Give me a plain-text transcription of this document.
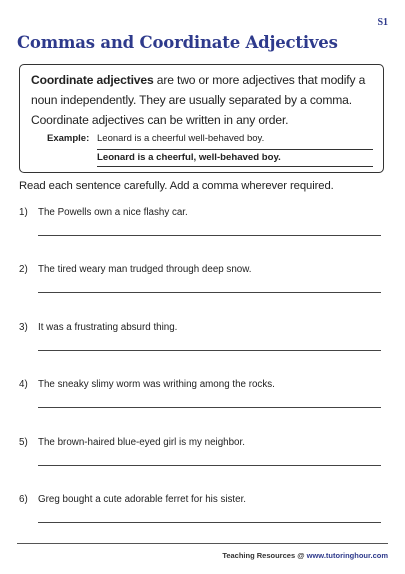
S1
Commas and Coordinate Adjectives

Coordinate adjectives are two or more adjectives that modify a noun independently. They are usually separated by a comma. Coordinate adjectives can be written in any order.

Example: Leonard is a cheerful well-behaved boy.
Leonard is a cheerful, well-behaved boy.
Read each sentence carefully. Add a comma wherever required.
1) The Powells own a nice flashy car.
2) The tired weary man trudged through deep snow.
3) It was a frustrating absurd thing.
4) The sneaky slimy worm was writhing among the rocks.
5) The brown-haired blue-eyed girl is my neighbor.
6) Greg bought a cute adorable ferret for his sister.
Teaching Resources @ www.tutoringhour.com
